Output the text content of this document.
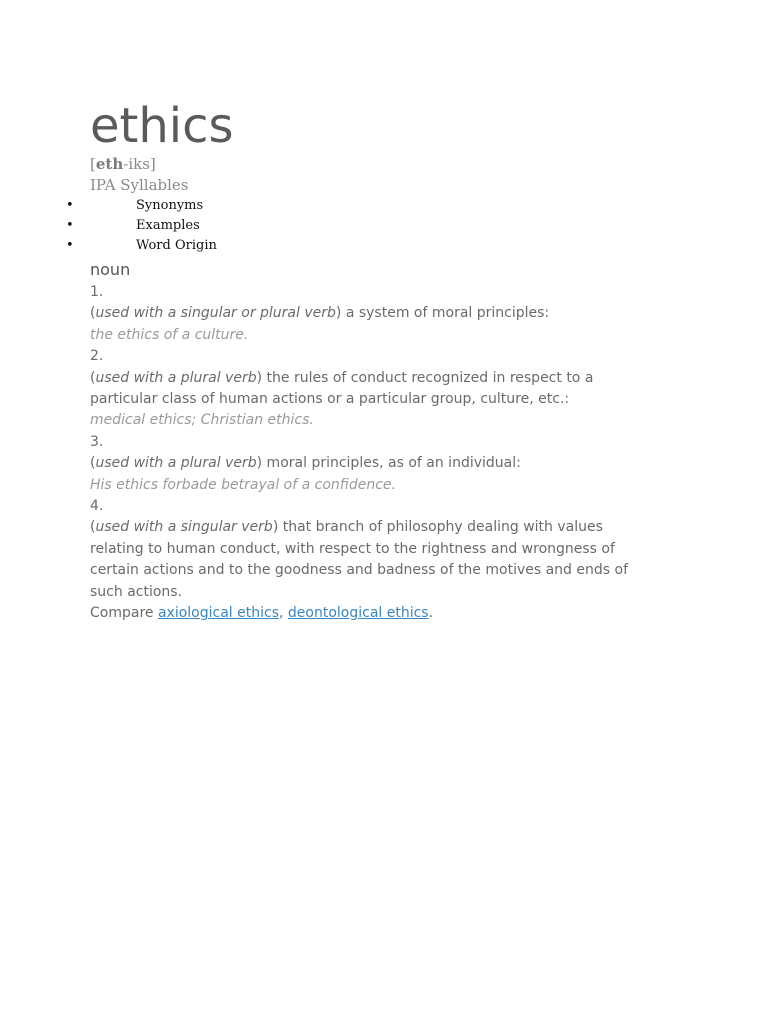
ethics
[eth-iks]
IPA Syllables
•	Synonyms
•	Examples
•	Word Origin
noun
1.
(used with a singular or plural verb) a system of moral principles:
the ethics of a culture.
2.
(used with a plural verb) the rules of conduct recognized in respect to a particular class of human actions or a particular group, culture, etc.:
medical ethics; Christian ethics.
3.
(used with a plural verb) moral principles, as of an individual:
His ethics forbade betrayal of a confidence.
4.
(used with a singular verb) that branch of philosophy dealing with values relating to human conduct, with respect to the rightness and wrongness of certain actions and to the goodness and badness of the motives and ends of such actions.
Compare axiological ethics, deontological ethics.
